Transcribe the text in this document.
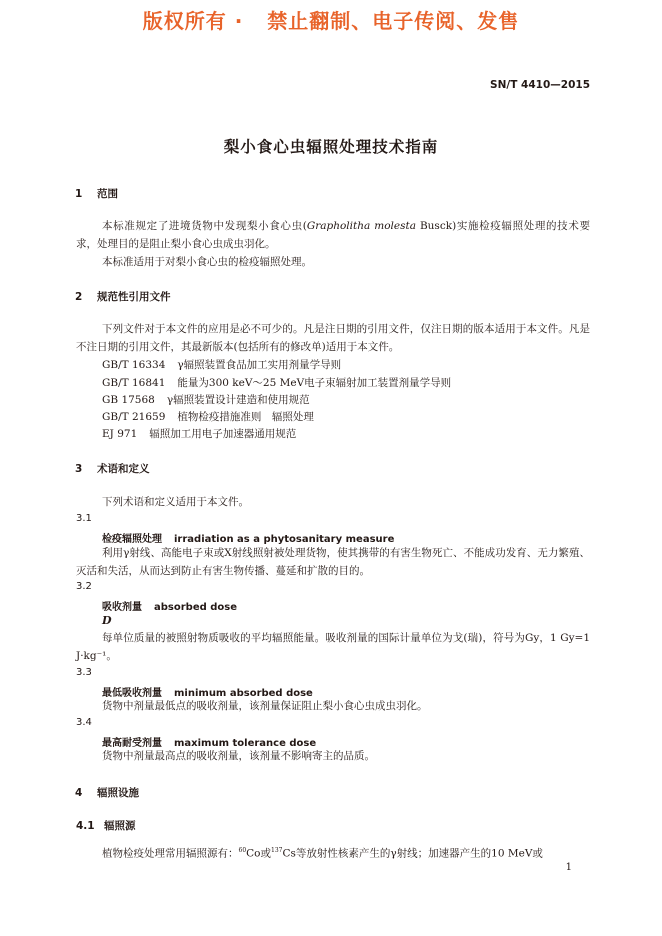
版权所有 ·   禁止翻制、电子传阅、发售
SN/T 4410—2015
梨小食心虫辐照处理技术指南
1 范围
本标准规定了进境货物中发现梨小食心虫(Grapholitha molesta Busck)实施检疫辐照处理的技术要求，处理目的是阻止梨小食心虫成虫羽化。
本标准适用于对梨小食心虫的检疫辐照处理。
2 规范性引用文件
下列文件对于本文件的应用是必不可少的。凡是注日期的引用文件，仅注日期的版本适用于本文件。凡是不注日期的引用文件，其最新版本(包括所有的修改单)适用于本文件。
GB/T 16334 γ辐照装置食品加工实用剂量学导则
GB/T 16841 能量为300 keV～25 MeV电子束辐射加工装置剂量学导则
GB 17568 γ辐照装置设计建造和使用规范
GB/T 21659 植物检疫措施准则　辐照处理
EJ 971 辐照加工用电子加速器通用规范
3 术语和定义
下列术语和定义适用于本文件。
3.1
检疫辐照处理 irradiation as a phytosanitary measure
利用γ射线、高能电子束或X射线照射被处理货物，使其携带的有害生物死亡、不能成功发育、无力繁殖、灭活和失活，从而达到防止有害生物传播、蔓延和扩散的目的。
3.2
吸收剂量 absorbed dose
D
每单位质量的被照射物质吸收的平均辐照能量。吸收剂量的国际计量单位为戈(瑞)，符号为Gy，1 Gy=1 J·kg⁻¹。
3.3
最低吸收剂量 minimum absorbed dose
货物中剂量最低点的吸收剂量，该剂量保证阻止梨小食心虫成虫羽化。
3.4
最高耐受剂量 maximum tolerance dose
货物中剂量最高点的吸收剂量，该剂量不影响寄主的品质。
4 辐照设施
4.1 辐照源
植物检疫处理常用辐照源有：$^{60}$Co或$^{137}$Cs等放射性核素产生的γ射线；加速器产生的10 MeV或
1
